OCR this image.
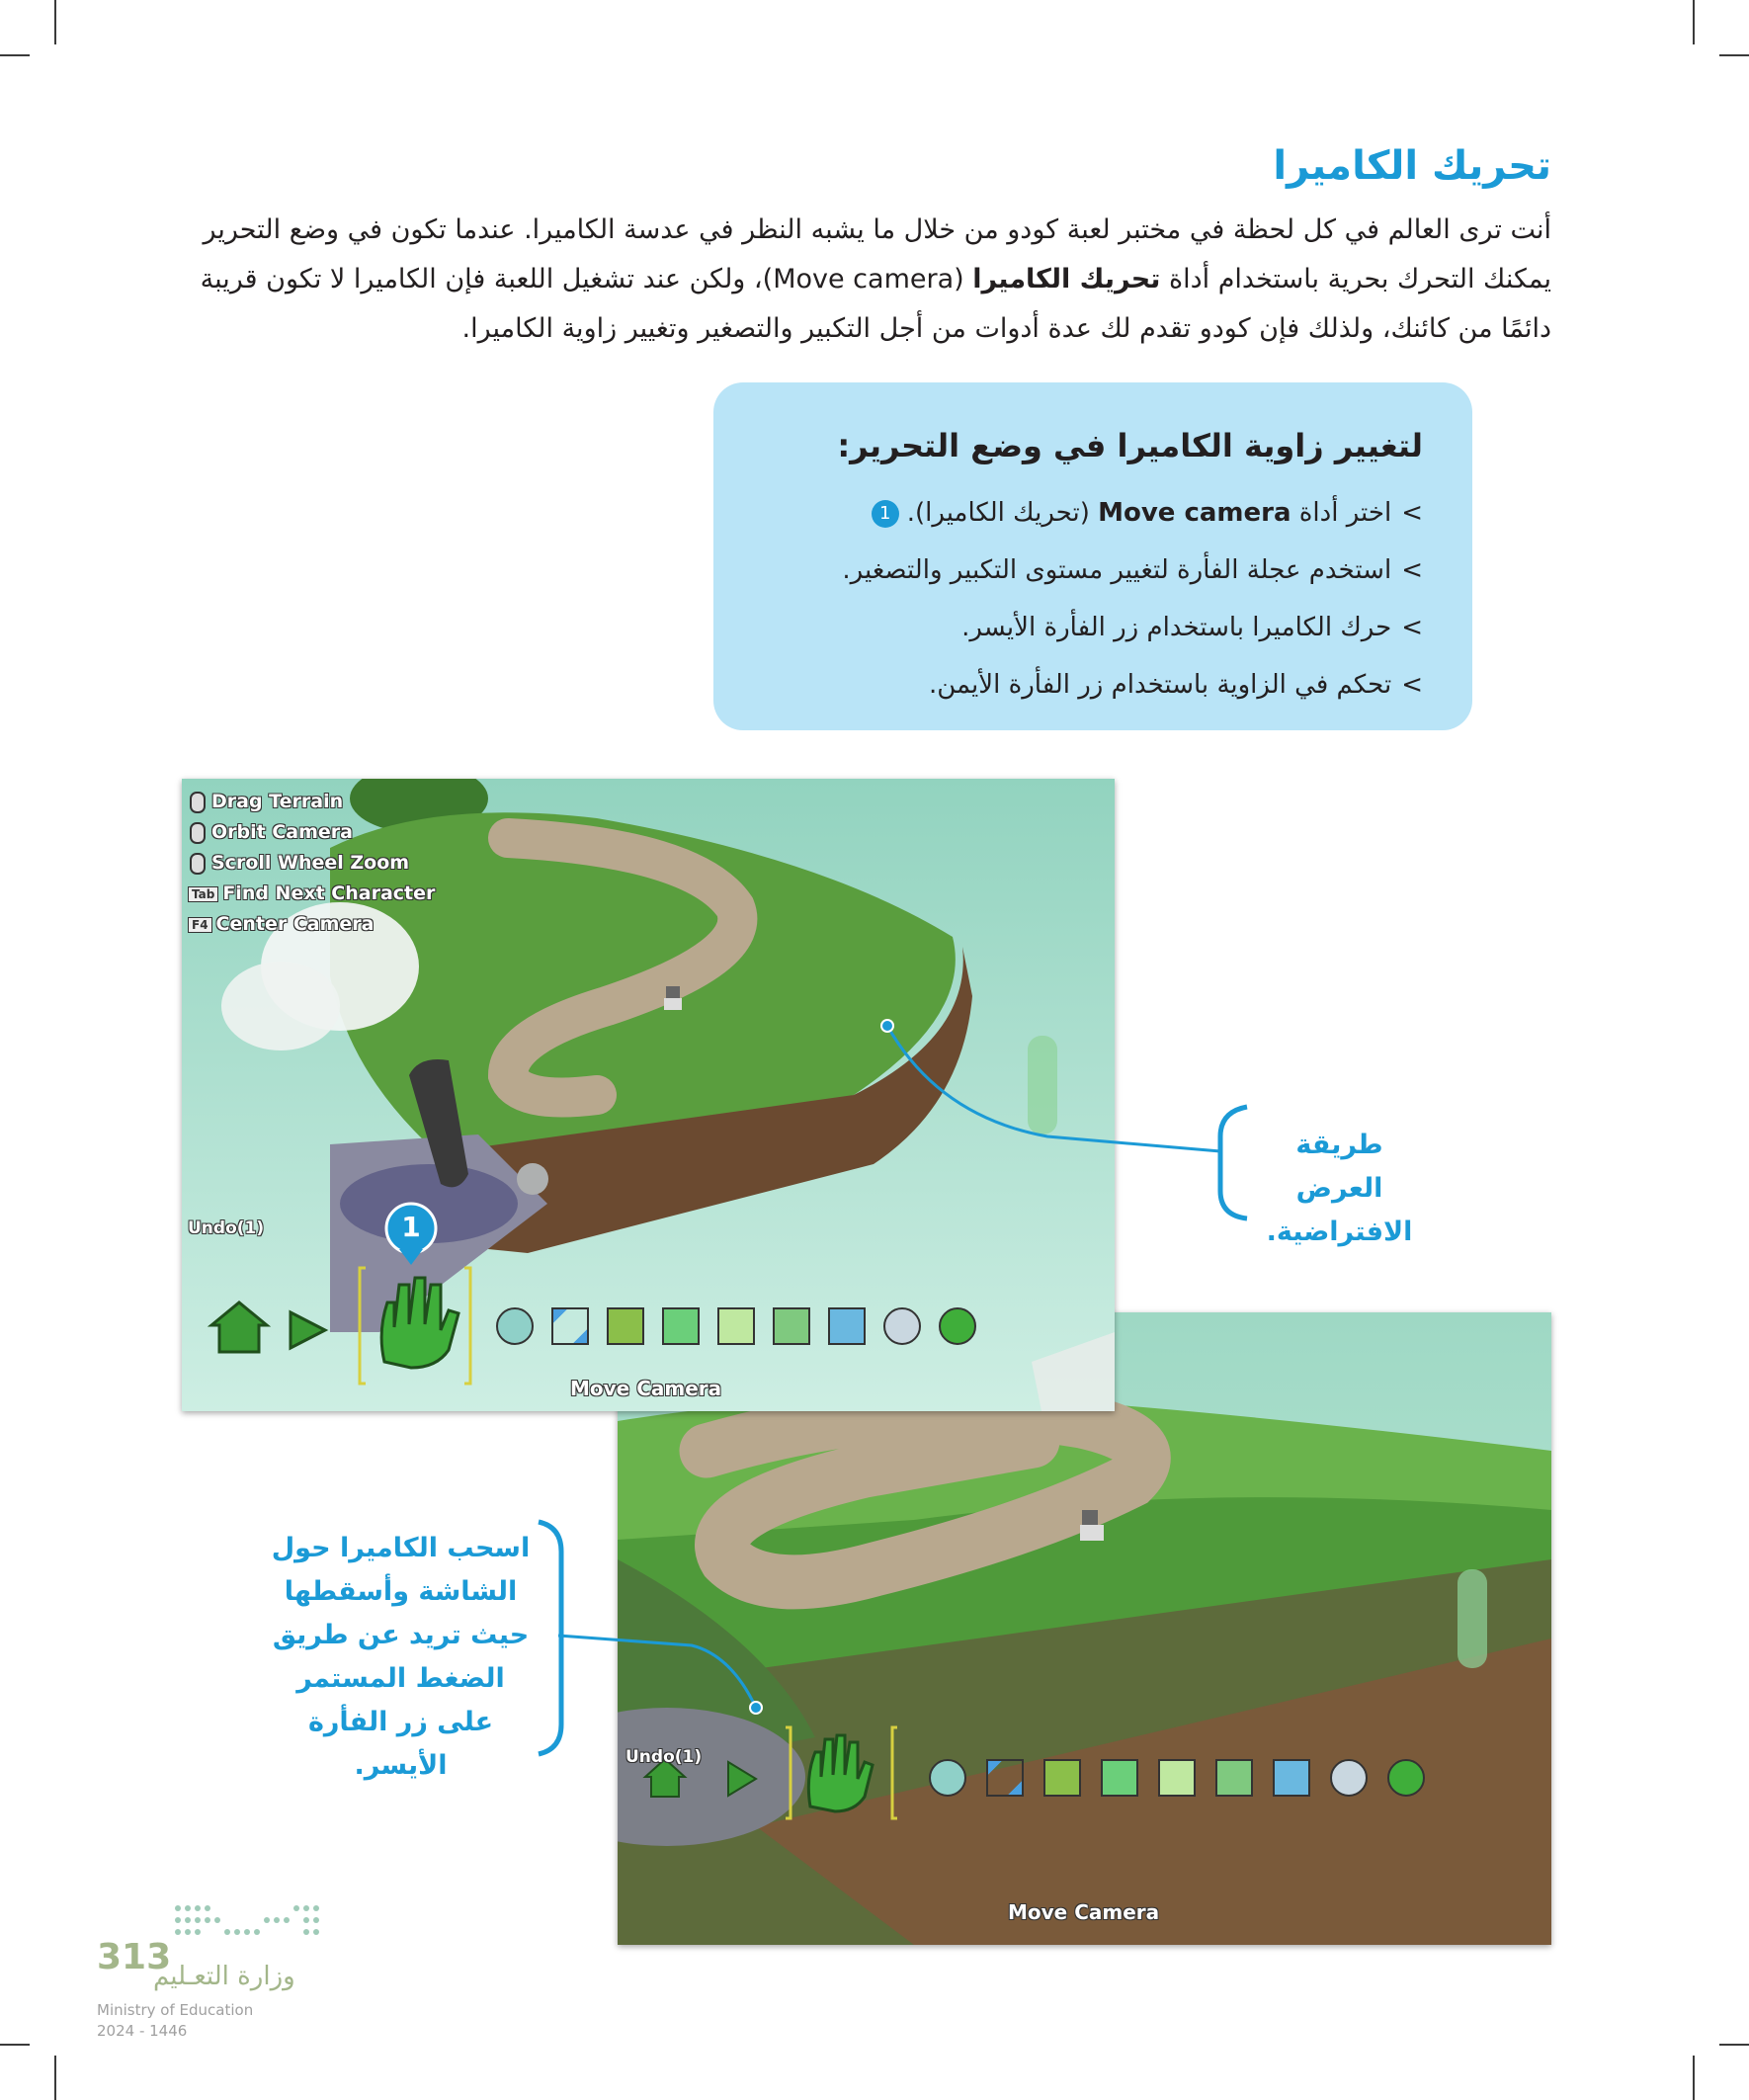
تحريك الكاميرا
أنت ترى العالم في كل لحظة في مختبر لعبة كودو من خلال ما يشبه النظر في عدسة الكاميرا. عندما تكون في وضع التحرير
يمكنك التحرك بحرية باستخدام أداة تحريك الكاميرا (Move camera)، ولكن عند تشغيل اللعبة فإن الكاميرا لا تكون قريبة
دائمًا من كائنك، ولذلك فإن كودو تقدم لك عدة أدوات من أجل التكبير والتصغير وتغيير زاوية الكاميرا.
لتغيير زاوية الكاميرا في وضع التحرير:
>اختر أداة Move camera (تحريك الكاميرا).1
>استخدم عجلة الفأرة لتغيير مستوى التكبير والتصغير.
>حرك الكاميرا باستخدام زر الفأرة الأيسر.
>تحكم في الزاوية باستخدام زر الفأرة الأيمن.
Undo(1)
Move Camera
Drag Terrain
Orbit Camera
Scroll Wheel Zoom
Tab Find Next Character
F4 Center Camera
Undo(1)	1
Move Camera
طريقة العرض
الافتراضية.
اسحب الكاميرا حول
الشاشة وأسقطها
حيث تريد عن طريق
الضغط المستمر
على زر الفأرة الأيسر.
313
وزارة التعـليم
Ministry of Education
2024 - 1446
